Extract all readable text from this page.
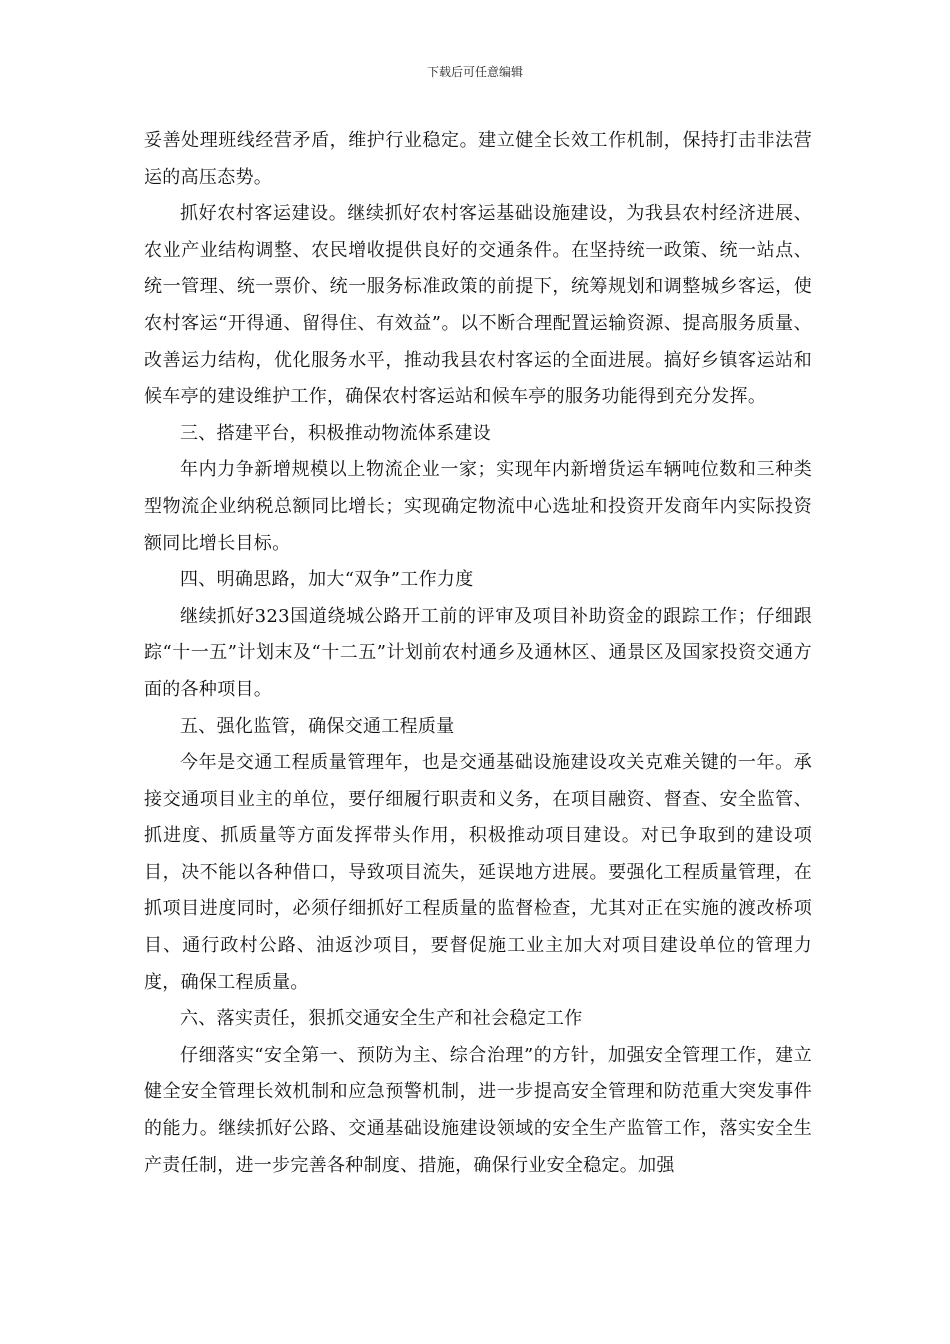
下载后可任意编辑

妥善处理班线经营矛盾，维护行业稳定。建立健全长效工作机制，保持打击非法营运的高压态势。

抓好农村客运建设。继续抓好农村客运基础设施建设，为我县农村经济进展、农业产业结构调整、农民增收提供良好的交通条件。在坚持统一政策、统一站点、统一管理、统一票价、统一服务标准政策的前提下，统筹规划和调整城乡客运，使农村客运“开得通、留得住、有效益”。以不断合理配置运输资源、提高服务质量、改善运力结构，优化服务水平，推动我县农村客运的全面进展。搞好乡镇客运站和候车亭的建设维护工作，确保农村客运站和候车亭的服务功能得到充分发挥。

三、搭建平台，积极推动物流体系建设

年内力争新增规模以上物流企业一家；实现年内新增货运车辆吨位数和三种类型物流企业纳税总额同比增长；实现确定物流中心选址和投资开发商年内实际投资额同比增长目标。

四、明确思路，加大“双争”工作力度

继续抓好323国道绕城公路开工前的评审及项目补助资金的跟踪工作；仔细跟踪“十一五”计划末及“十二五”计划前农村通乡及通林区、通景区及国家投资交通方面的各种项目。

五、强化监管，确保交通工程质量

今年是交通工程质量管理年，也是交通基础设施建设攻关克难关键的一年。承接交通项目业主的单位，要仔细履行职责和义务，在项目融资、督查、安全监管、抓进度、抓质量等方面发挥带头作用，积极推动项目建设。对已争取到的建设项目，决不能以各种借口，导致项目流失，延误地方进展。要强化工程质量管理，在抓项目进度同时，必须仔细抓好工程质量的监督检查，尤其对正在实施的渡改桥项目、通行政村公路、油返沙项目，要督促施工业主加大对项目建设单位的管理力度，确保工程质量。

六、落实责任，狠抓交通安全生产和社会稳定工作

仔细落实“安全第一、预防为主、综合治理”的方针，加强安全管理工作，建立健全安全管理长效机制和应急预警机制，进一步提高安全管理和防范重大突发事件的能力。继续抓好公路、交通基础设施建设领域的安全生产监管工作，落实安全生产责任制，进一步完善各种制度、措施，确保行业安全稳定。加强
